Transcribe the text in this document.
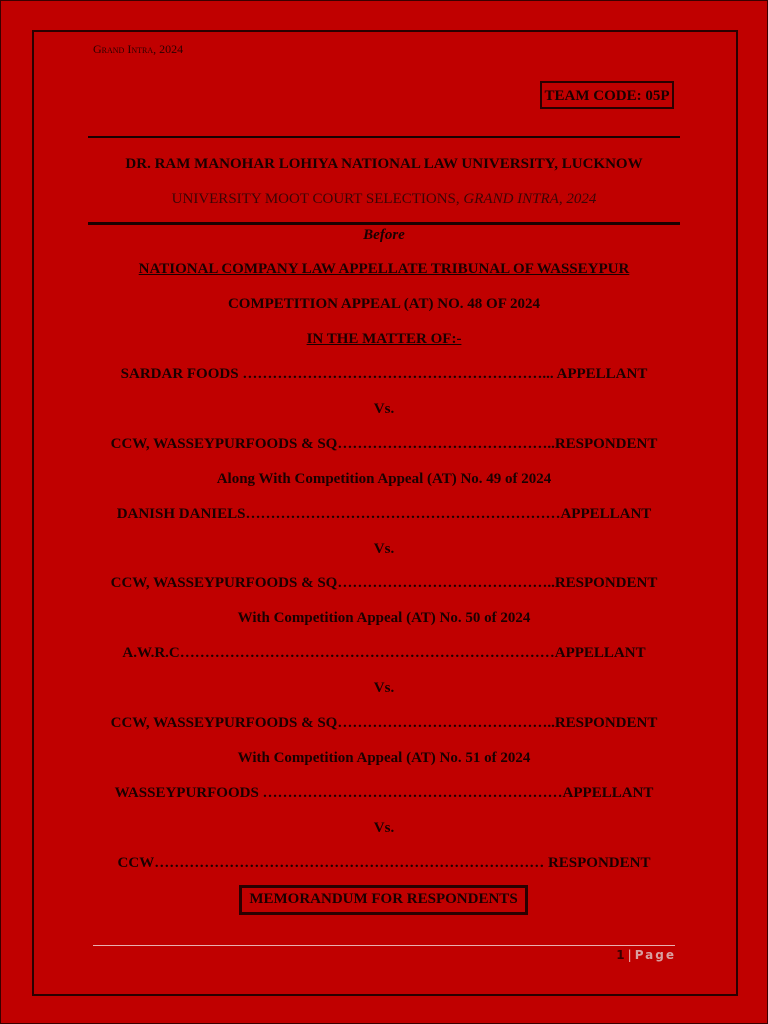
Grand Intra, 2024
TEAM CODE: 05P
DR. RAM MANOHAR LOHIYA NATIONAL LAW UNIVERSITY, LUCKNOW
UNIVERSITY MOOT COURT SELECTIONS, GRAND INTRA, 2024
Before
NATIONAL COMPANY LAW APPELLATE TRIBUNAL OF WASSEYPUR
COMPETITION APPEAL (AT) NO. 48 OF 2024
IN THE MATTER OF:-
SARDAR FOODS ……………………………………………………... APPELLANT
Vs.
CCW, WASSEYPURFOODS & SQ……………………………………..RESPONDENT
Along With Competition Appeal (AT) No. 49 of 2024
DANISH DANIELS………………………………………………………APPELLANT
Vs.
CCW, WASSEYPURFOODS & SQ……………………………………..RESPONDENT
With Competition Appeal (AT) No. 50 of 2024
A.W.R.C…………………………………………………………………APPELLANT
Vs.
CCW, WASSEYPURFOODS & SQ……………………………………..RESPONDENT
With Competition Appeal (AT) No. 51 of 2024
WASSEYPURFOODS ……………………………………………………APPELLANT
Vs.
CCW…………………………………………………………………… RESPONDENT
MEMORANDUM FOR RESPONDENTS
1 | Page
